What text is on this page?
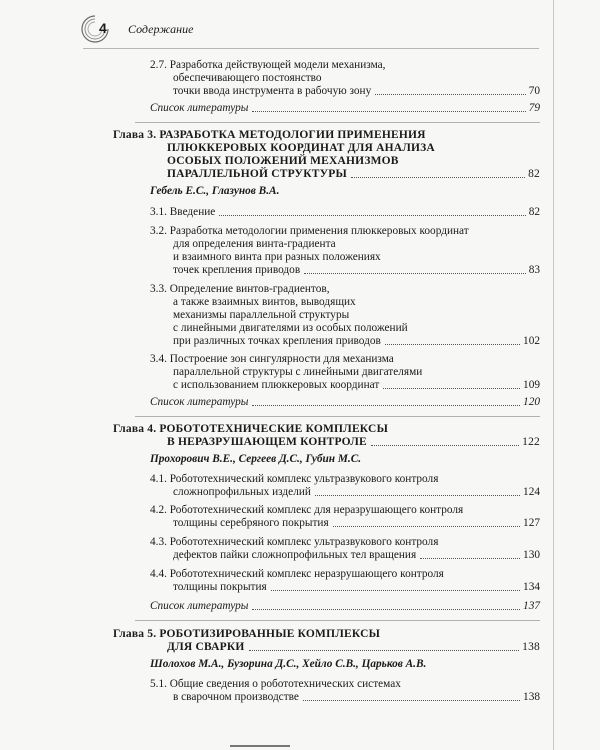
4 Содержание
2.7. Разработка действующей модели механизма,
обеспечивающего постоянство
точки ввода инструмента в рабочую зону	70
Список литературы	79
Глава 3. РАЗРАБОТКА МЕТОДОЛОГИИ ПРИМЕНЕНИЯ
ПЛЮККЕРОВЫХ КООРДИНАТ ДЛЯ АНАЛИЗА
ОСОБЫХ ПОЛОЖЕНИЙ МЕХАНИЗМОВ
ПАРАЛЛЕЛЬНОЙ СТРУКТУРЫ	82
Гебель Е.С., Глазунов В.А.
3.1. Введение	82
3.2. Разработка методологии применения плюккеровых координат
для определения винта-градиента
и взаимного винта при разных положениях
точек крепления приводов	83
3.3. Определение винтов-градиентов,
а также взаимных винтов, выводящих
механизмы параллельной структуры
с линейными двигателями из особых положений
при различных точках крепления приводов	102
3.4. Построение зон сингулярности для механизма
параллельной структуры с линейными двигателями
с использованием плюккеровых координат	109
Список литературы	120
Глава 4. РОБОТОТЕХНИЧЕСКИЕ КОМПЛЕКСЫ
В НЕРАЗРУШАЮЩЕМ КОНТРОЛЕ	122
Прохорович В.Е., Сергеев Д.С., Губин М.С.
4.1. Робототехнический комплекс ультразвукового контроля
сложнопрофильных изделий	124
4.2. Робототехнический комплекс для неразрушающего контроля
толщины серебряного покрытия	127
4.3. Робототехнический комплекс ультразвукового контроля
дефектов пайки сложнопрофильных тел вращения	130
4.4. Робототехнический комплекс неразрушающего контроля
толщины покрытия	134
Список литературы	137
Глава 5. РОБОТИЗИРОВАННЫЕ КОМПЛЕКСЫ
ДЛЯ СВАРКИ	138
Шолохов М.А., Бузорина Д.С., Хейло С.В., Царьков А.В.
5.1. Общие сведения о робототехнических системах
в сварочном производстве	138
